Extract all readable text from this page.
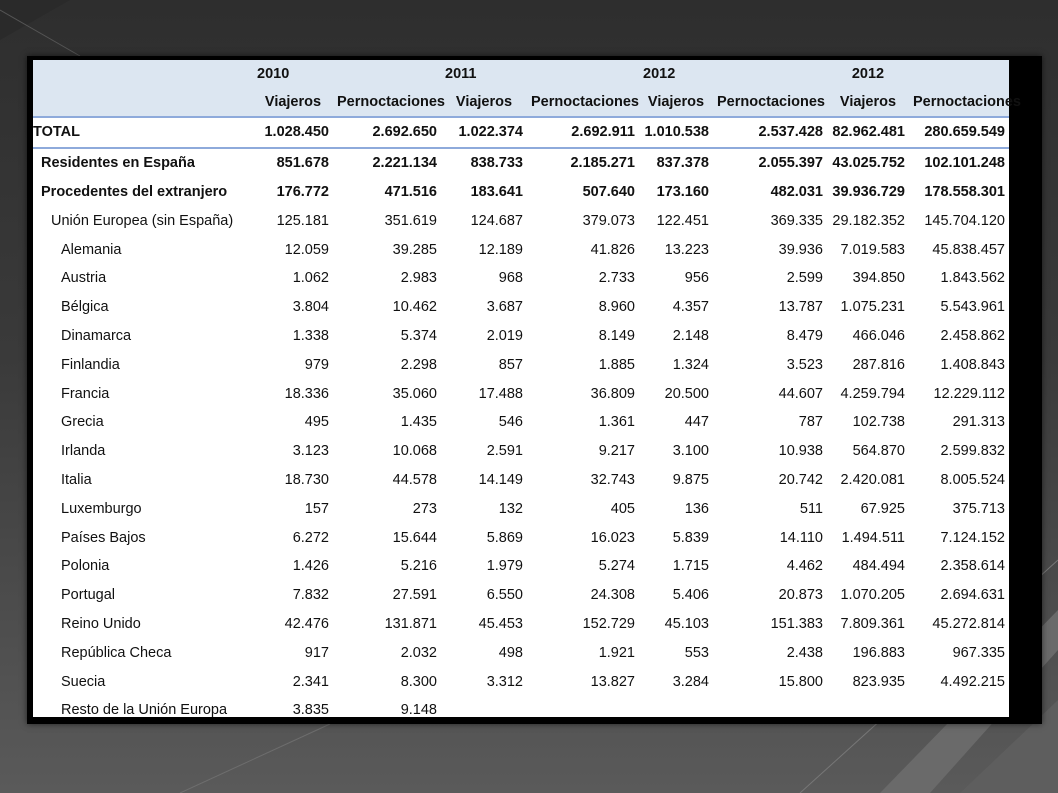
	2010		2011		2012		2012	
	Viajeros	Pernoctaciones	Viajeros	Pernoctaciones	Viajeros	Pernoctaciones	Viajeros	Pernoctaciones
TOTAL	1.028.450	2.692.650	1.022.374	2.692.911	1.010.538	2.537.428	82.962.481	280.659.549
Residentes en España	851.678	2.221.134	838.733	2.185.271	837.378	2.055.397	43.025.752	102.101.248
Procedentes del extranjero	176.772	471.516	183.641	507.640	173.160	482.031	39.936.729	178.558.301
Unión Europea (sin España)	125.181	351.619	124.687	379.073	122.451	369.335	29.182.352	145.704.120
Alemania	12.059	39.285	12.189	41.826	13.223	39.936	7.019.583	45.838.457
Austria	1.062	2.983	968	2.733	956	2.599	394.850	1.843.562
Bélgica	3.804	10.462	3.687	8.960	4.357	13.787	1.075.231	5.543.961
Dinamarca	1.338	5.374	2.019	8.149	2.148	8.479	466.046	2.458.862
Finlandia	979	2.298	857	1.885	1.324	3.523	287.816	1.408.843
Francia	18.336	35.060	17.488	36.809	20.500	44.607	4.259.794	12.229.112
Grecia	495	1.435	546	1.361	447	787	102.738	291.313
Irlanda	3.123	10.068	2.591	9.217	3.100	10.938	564.870	2.599.832
Italia	18.730	44.578	14.149	32.743	9.875	20.742	2.420.081	8.005.524
Luxemburgo	157	273	132	405	136	511	67.925	375.713
Países Bajos	6.272	15.644	5.869	16.023	5.839	14.110	1.494.511	7.124.152
Polonia	1.426	5.216	1.979	5.274	1.715	4.462	484.494	2.358.614
Portugal	7.832	27.591	6.550	24.308	5.406	20.873	1.070.205	2.694.631
Reino Unido	42.476	131.871	45.453	152.729	45.103	151.383	7.809.361	45.272.814
República Checa	917	2.032	498	1.921	553	2.438	196.883	967.335
Suecia	2.341	8.300	3.312	13.827	3.284	15.800	823.935	4.492.215
Resto de la Unión Europa	3.835	9.148						
